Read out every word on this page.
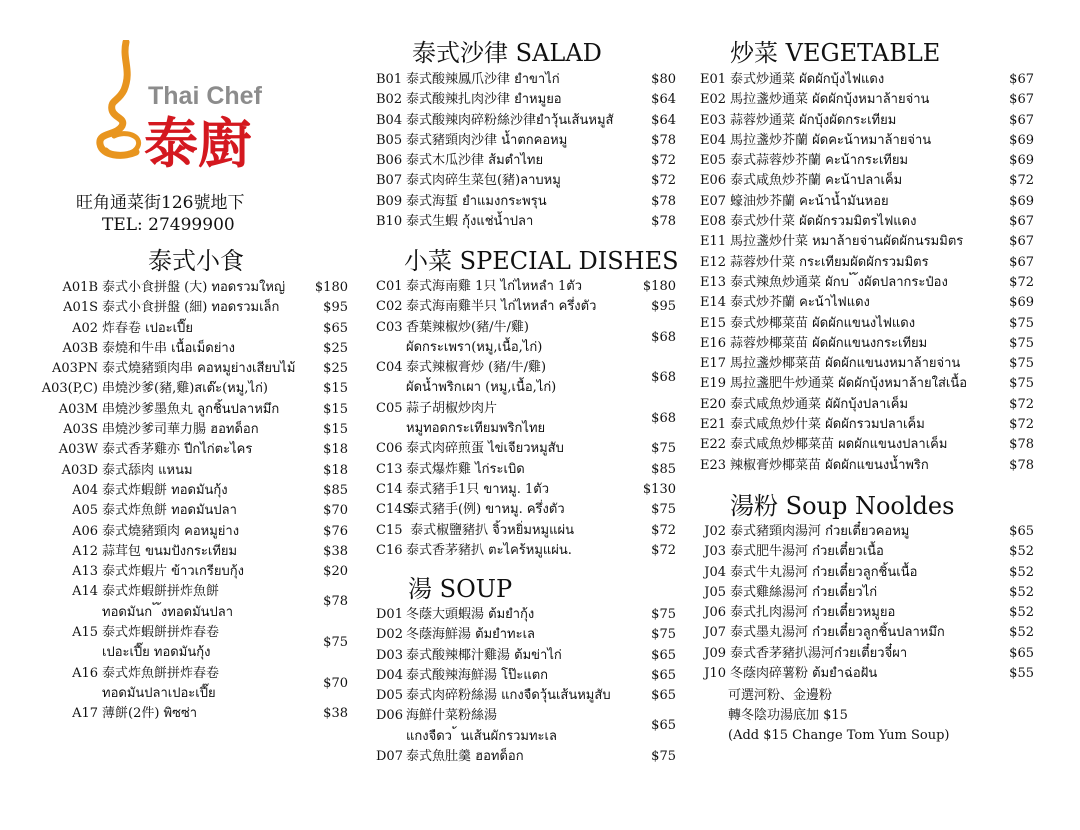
Thai Chef
泰廚
旺角通菜街126號地下
TEL: 27499900
泰式小食
A01B 泰式小食拼盤 (大) ทอดรวมใหญ่ $180
A01S 泰式小食拼盤 (細) ทอดรวมเล็ก	$95
A02 炸春卷 เปอะเปี๊ย	$65
A03B 泰燒和牛串 เนื้อเม็ดย่าง	$25
A03PN 泰式燒豬頸肉串 คอหมูย่างเสียบไม้ $25
A03(P,C) 串燒沙爹(豬,雞)สเต๊ะ(หมู,ไก่)	$15
A03M 串燒沙爹墨魚丸 ลูกชิ้นปลาหมึก	$15
A03S 串燒沙爹司華力腸 ฮอทด็อก	$15
A03W 泰式香茅雞亦 ปีกไก่ตะไคร	$18
A03D 泰式舔肉 แหนม	$18
A04 泰式炸蝦餅 ทอดมันกุ้ง	$85
A05 泰式炸魚餅 ทอดมันปลา	$70
A06 泰式燒豬頸肉 คอหมูย่าง	$76
A12 蒜茸包 ขนมปังกระเทียม	$38
A13 泰式炸蝦片 ข้าวเกรียบกุ้ง	$20
A14 泰式炸蝦餅拼炸魚餅
$78
ทอดมันก ้ ้งทอดมันปลา
A15 泰式炸蝦餅拼炸春卷
$75
เปอะเปี๊ย ทอดมันกุ้ง
A16 泰式炸魚餅拼炸春卷
$70
ทอดมันปลาเปอะเปี๊ย
A17 薄餅(2件) พิซซ่า	$38
泰式沙律 SALAD
B01 泰式酸辣鳳爪沙律 ยำขาไก่	$80
B02 泰式酸辣扎肉沙律 ยำหมูยอ	$64
B04 泰式酸辣肉碎粉絲沙律ยำวุ้นเส้นหมูสั	$64
B05 泰式豬頸肉沙律 น้ำตกคอหมู	$78
B06 泰式木瓜沙律 ส้มตำไทย	$72
B07 泰式肉碎生菜包(豬)ลาบหมู	$72
B09 泰式海蜇 ยำแมงกระพรุน	$78
B10 泰式生蝦 กุ้งแช่น้ำปลา	$78
小菜 SPECIAL DISHES
C01 泰式海南雞 1只 ไก่ไหหลำ 1ตัว	$180
C02 泰式海南雞半只 ไก่ไหหลำ ครึ่งตัว	$95
C03 香葉辣椒炒(豬/牛/雞)
$68
ผัดกระเพรา(หมู,เนื้อ,ไก่)
C04 泰式辣椒膏炒 (豬/牛/雞)
$68
ผัดน้ำพริกเผา (หมู,เนื้อ,ไก่)
C05 蒜子胡椒炒肉片
$68
หมูทอดกระเทียมพริกไทย
C06 泰式肉碎煎蛋 ไข่เจียวหมูสับ	$75
C13 泰式爆炸雞 ไก่ระเบิด	$85
C14 泰式豬手1只 ขาหมู. 1ตัว	$130
C14S泰式豬手(例) ขาหมู. ครึ่งตัว	$75
C15 泰式椒鹽豬扒 จิ้วหยิ่มหมูแผ่น	$72
C16 泰式香茅豬扒 ตะไคร้หมูแผ่น.	$72
湯 SOUP
D01 冬蔭大頭蝦湯 ต้มยำกุ้ง	$75
D02 冬蔭海鮮湯 ต้มยำทะเล	$75
D03 泰式酸辣椰汁雞湯 ต้มข่าไก่	$65
D04 泰式酸辣海鮮湯 โป๊ะแตก	$65
D05 泰式肉碎粉絲湯 แกงจืดวุ้นเส้นหมูสับ	$65
D06 海鮮什菜粉絲湯
$65
แกงจืดว ้ นเส้นผักรวมทะเล
D07 泰式魚肚羹 ฮอทด็อก	$75
炒菜 VEGETABLE
E01 泰式炒通菜 ผัดผักบุ้งไฟแดง	$67
E02 馬拉盞炒通菜 ผัดผักบุ้งหมาล้ายจ่าน	$67
E03 蒜蓉炒通菜 ผักบุ้งผัดกระเทียม	$67
E04 馬拉盞炒芥蘭 ผัดคะน้าหมาล้ายจ่าน	$69
E05 泰式蒜蓉炒芥蘭 คะน้ากระเทียม	$69
E06 泰式咸魚炒芥蘭 คะน้าปลาเค็ม	$72
E07 蠔油炒芥蘭 คะน้าน้ำมันหอย	$69
E08 泰式炒什菜 ผัดผักรวมมิตรไฟแดง	$67
E11 馬拉盞炒什菜 หมาล้ายจ่านผัดผักนรมมิตร	$67
E12 蒜蓉炒什菜 กระเทียมผัดผักรวมมิตร	$67
E13 泰式辣魚炒通菜 ผักบ ้ ้งผัดปลากระป๋อง	$72
E14 泰式炒芥蘭 คะน้าไฟแดง	$69
E15 泰式炒椰菜苗 ผัดผักแขนงไฟแดง	$75
E16 蒜蓉炒椰菜苗 ผัดผักแขนงกระเทียม	$75
E17 馬拉盞炒椰菜苗 ผัดผักแขนงหมาล้ายจ่าน	$75
E19 馬拉盞肥牛炒通菜 ผัดผักบุ้งหมาล้ายใส่เนื้อ	$75
E20 泰式咸魚炒通菜 ผัผักบุ้งปลาเค็ม	$72
E21 泰式咸魚炒什菜 ผัดผักรวมปลาเค็ม	$72
E22 泰式咸魚炒椰菜苗 ผดผักแขนงปลาเค็ม	$78
E23 辣椒膏炒椰菜苗 ผัดผักแขนงน้ำพริก	$78
湯粉 Soup Nooldes
J02 泰式豬頸肉湯河 ก๋วยเตี๋ยวคอหมู	$65
J03 泰式肥牛湯河 ก๋วยเตี๋ยวเนื้อ	$52
J04 泰式牛丸湯河 ก๋วยเตี๋ยวลูกชิ้นเนื้อ	$52
J05 泰式雞絲湯河 ก๋วยเตี๋ยวไก่	$52
J06 泰式扎肉湯河 ก๋วยเตี๋ยวหมูยอ	$52
J07 泰式墨丸湯河 ก๋วยเตี๋ยวลูกชิ้นปลาหมึก	$52
J09 泰式香茅豬扒湯河ก๋วยเตี๋ยวจี๋ผา	$65
J10 冬蔭肉碎薯粉 ต้มยำฉ่อฝัน	$55
可選河粉、金邊粉
轉冬陰功湯底加 $15
(Add $15 Change Tom Yum Soup)
